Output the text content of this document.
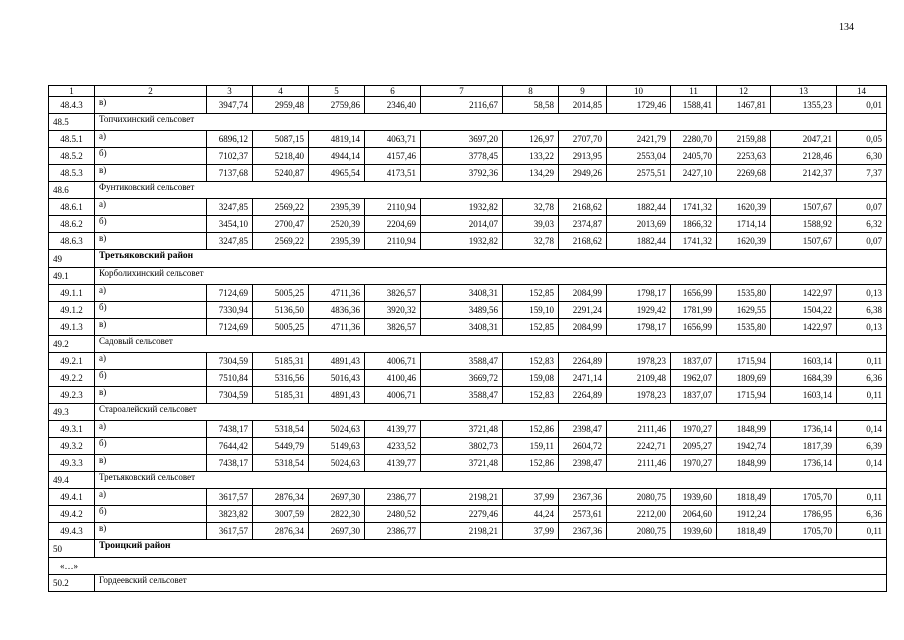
134
1	2	3	4	5	6	7	8	9	10	11	12	13	14
48.4.3	в)	3947,74	2959,48	2759,86	2346,40	2116,67	58,58	2014,85	1729,46	1588,41	1467,81	1355,23	0,01
48.5	Топчихинский сельсовет												
48.5.1	а)	6896,12	5087,15	4819,14	4063,71	3697,20	126,97	2707,70	2421,79	2280,70	2159,88	2047,21	0,05
48.5.2	б)	7102,37	5218,40	4944,14	4157,46	3778,45	133,22	2913,95	2553,04	2405,70	2253,63	2128,46	6,30
48.5.3	в)	7137,68	5240,87	4965,54	4173,51	3792,36	134,29	2949,26	2575,51	2427,10	2269,68	2142,37	7,37
48.6	Фунтиковский сельсовет												
48.6.1	а)	3247,85	2569,22	2395,39	2110,94	1932,82	32,78	2168,62	1882,44	1741,32	1620,39	1507,67	0,07
48.6.2	б)	3454,10	2700,47	2520,39	2204,69	2014,07	39,03	2374,87	2013,69	1866,32	1714,14	1588,92	6,32
48.6.3	в)	3247,85	2569,22	2395,39	2110,94	1932,82	32,78	2168,62	1882,44	1741,32	1620,39	1507,67	0,07
49	Третьяковский район												
49.1	Корболихинский сельсовет												
49.1.1	а)	7124,69	5005,25	4711,36	3826,57	3408,31	152,85	2084,99	1798,17	1656,99	1535,80	1422,97	0,13
49.1.2	б)	7330,94	5136,50	4836,36	3920,32	3489,56	159,10	2291,24	1929,42	1781,99	1629,55	1504,22	6,38
49.1.3	в)	7124,69	5005,25	4711,36	3826,57	3408,31	152,85	2084,99	1798,17	1656,99	1535,80	1422,97	0,13
49.2	Садовый сельсовет												
49.2.1	а)	7304,59	5185,31	4891,43	4006,71	3588,47	152,83	2264,89	1978,23	1837,07	1715,94	1603,14	0,11
49.2.2	б)	7510,84	5316,56	5016,43	4100,46	3669,72	159,08	2471,14	2109,48	1962,07	1809,69	1684,39	6,36
49.2.3	в)	7304,59	5185,31	4891,43	4006,71	3588,47	152,83	2264,89	1978,23	1837,07	1715,94	1603,14	0,11
49.3	Староалейский сельсовет												
49.3.1	а)	7438,17	5318,54	5024,63	4139,77	3721,48	152,86	2398,47	2111,46	1970,27	1848,99	1736,14	0,14
49.3.2	б)	7644,42	5449,79	5149,63	4233,52	3802,73	159,11	2604,72	2242,71	2095,27	1942,74	1817,39	6,39
49.3.3	в)	7438,17	5318,54	5024,63	4139,77	3721,48	152,86	2398,47	2111,46	1970,27	1848,99	1736,14	0,14
49.4	Третьяковский сельсовет												
49.4.1	а)	3617,57	2876,34	2697,30	2386,77	2198,21	37,99	2367,36	2080,75	1939,60	1818,49	1705,70	0,11
49.4.2	б)	3823,82	3007,59	2822,30	2480,52	2279,46	44,24	2573,61	2212,00	2064,60	1912,24	1786,95	6,36
49.4.3	в)	3617,57	2876,34	2697,30	2386,77	2198,21	37,99	2367,36	2080,75	1939,60	1818,49	1705,70	0,11
50	Троицкий район												
«…»													
50.2	Гордеевский сельсовет												
